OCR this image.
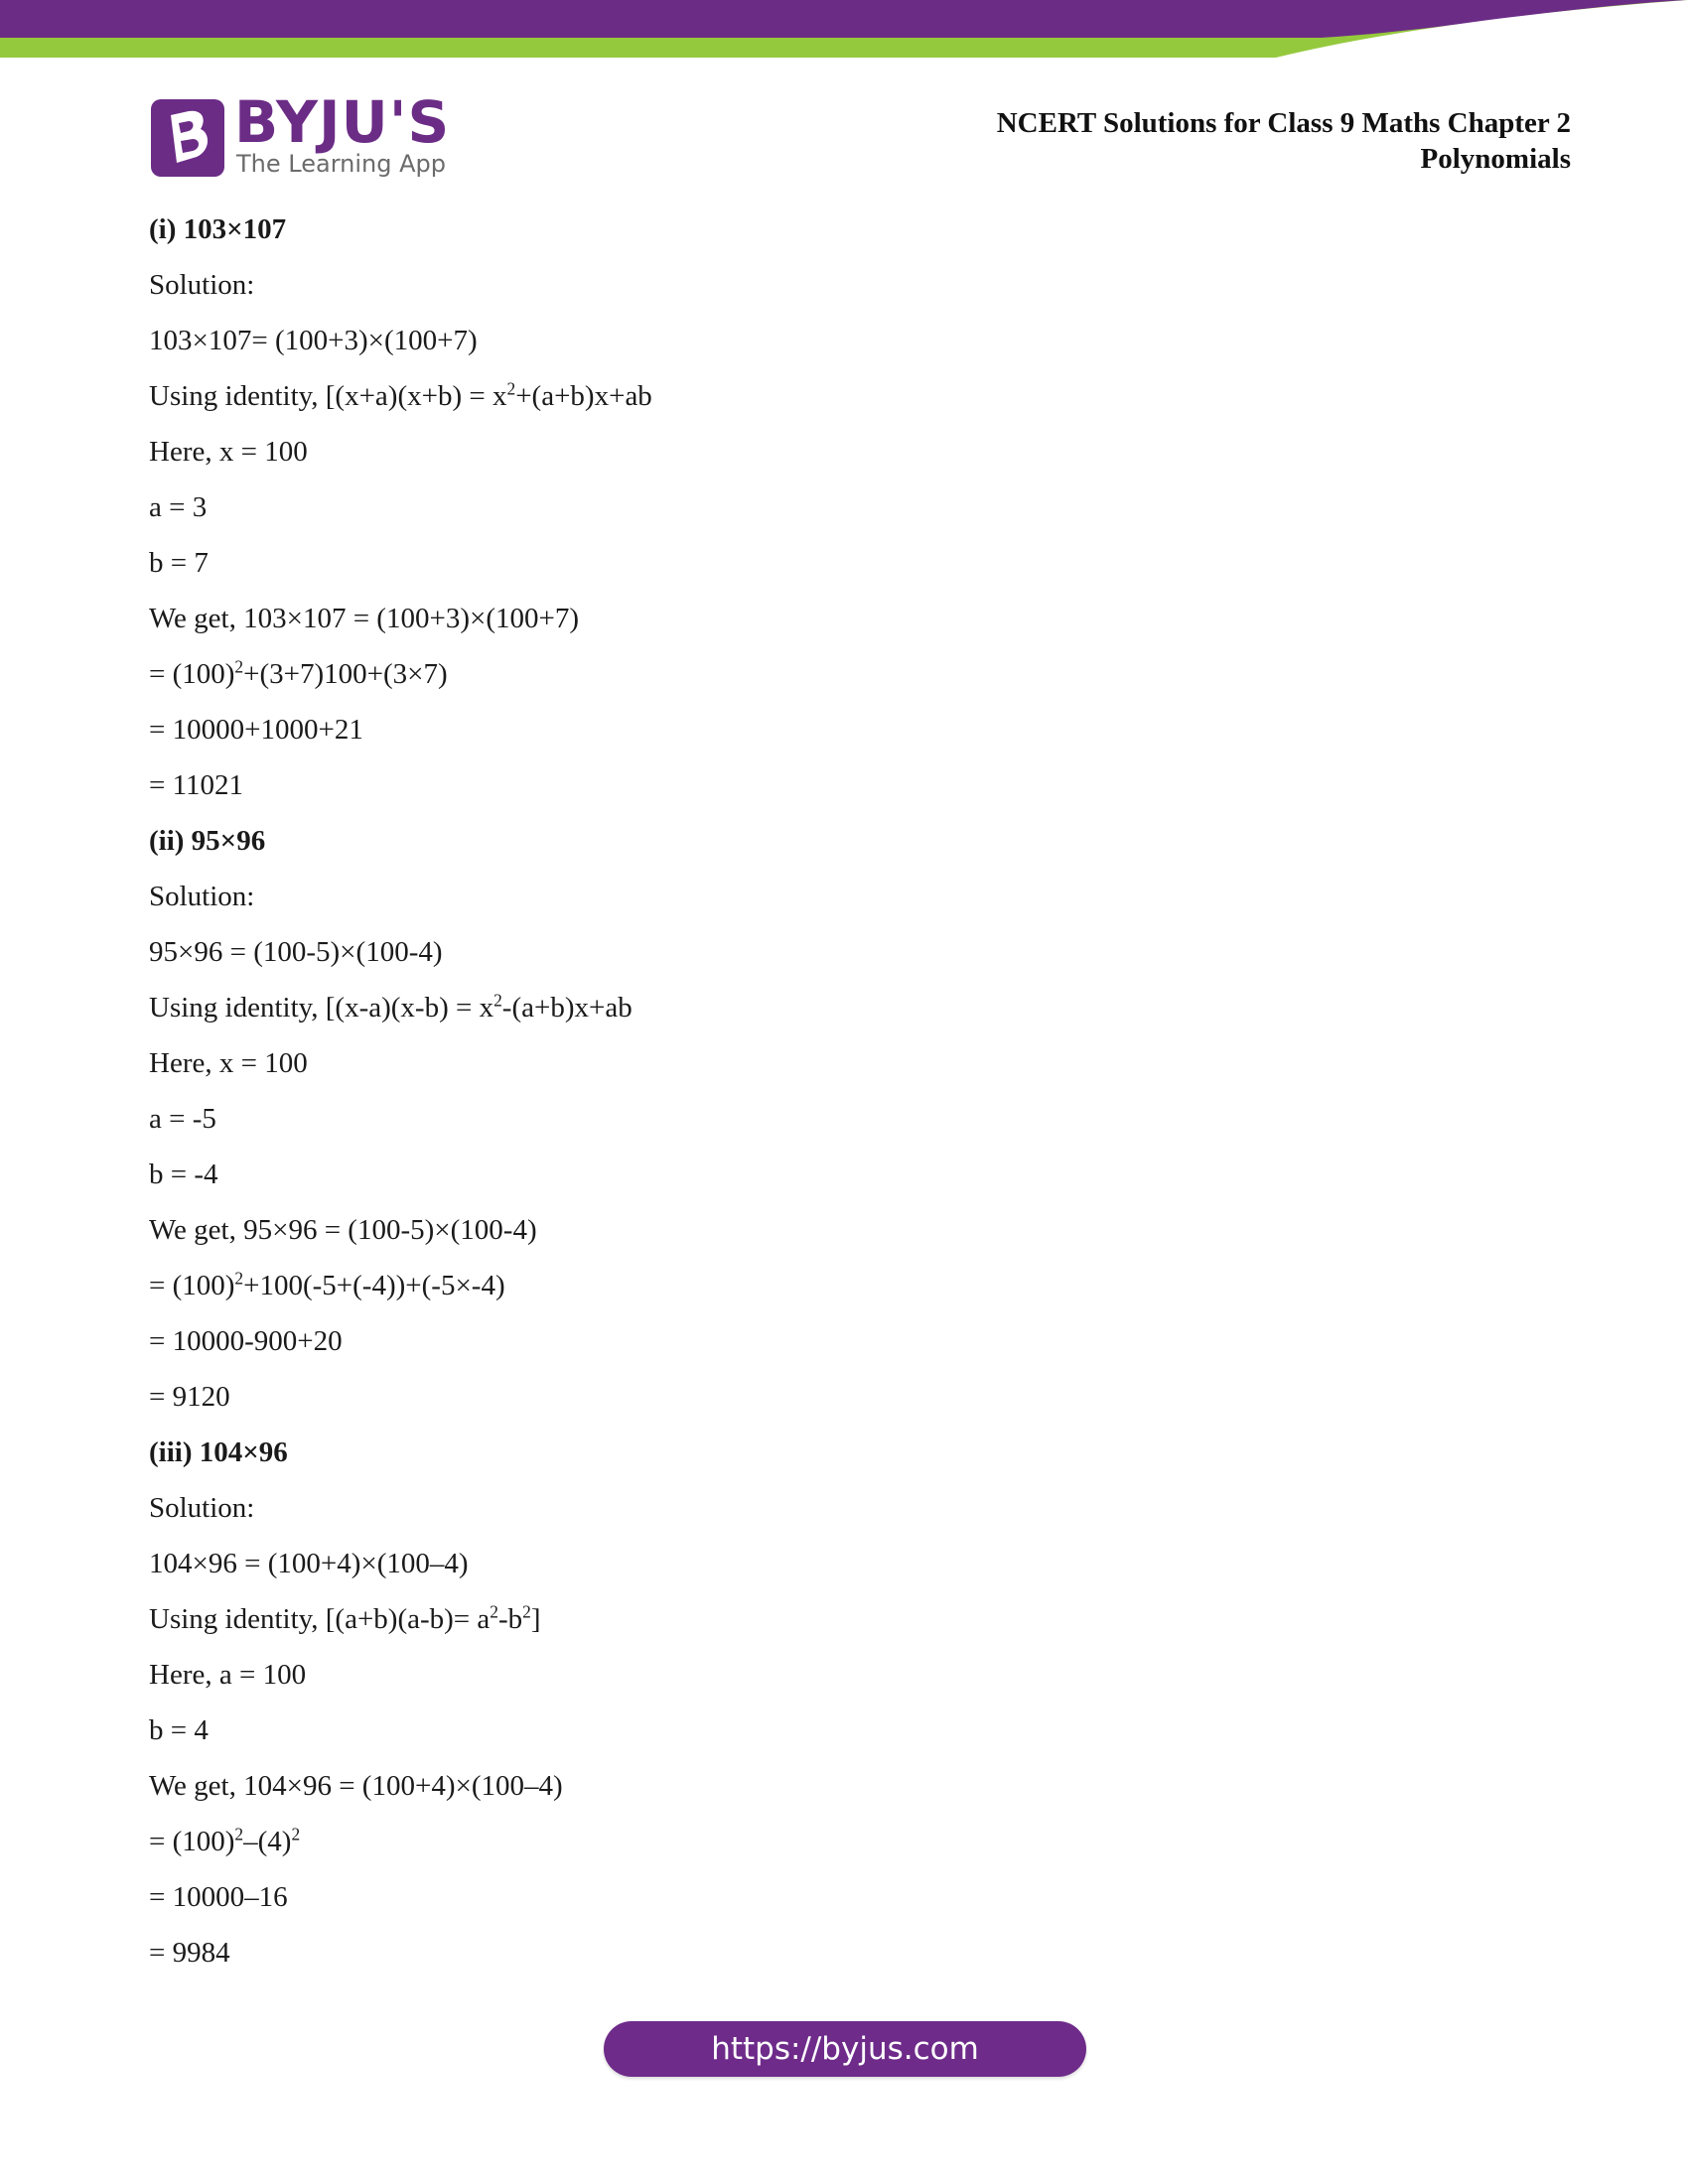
BYJU'S
The Learning App
NCERT Solutions for Class 9 Maths Chapter 2
Polynomials
(i) 103×107
Solution:
103×107= (100+3)×(100+7)
Using identity, [$(x+a)(x+b) = x^2+(a+b)x+ab$
Here, x = 100
a = 3
b = 7
We get, 103×107 = (100+3)×(100+7)
= $(100)^2+(3+7)100+(3\times 7)$
= 10000+1000+21
= 11021
(ii) 95×96
Solution:
95×96 = (100-5)×(100-4)
Using identity, [$(x-a)(x-b) = x^2-(a+b)x+ab$
Here, x = 100
a = -5
b = -4
We get, 95×96 = (100-5)×(100-4)
= $(100)^2+100(-5+(-4))+(-5\times-4)$
= 10000-900+20
= 9120
(iii) 104×96
Solution:
104×96 = (100+4)×(100–4)
Using identity, $[(a+b)(a-b)= a^2-b^2]$
Here, a = 100
b = 4
We get, 104×96 = (100+4)×(100–4)
= $(100)^2-(4)^2$
= 10000–16
= 9984
https://byjus.com
